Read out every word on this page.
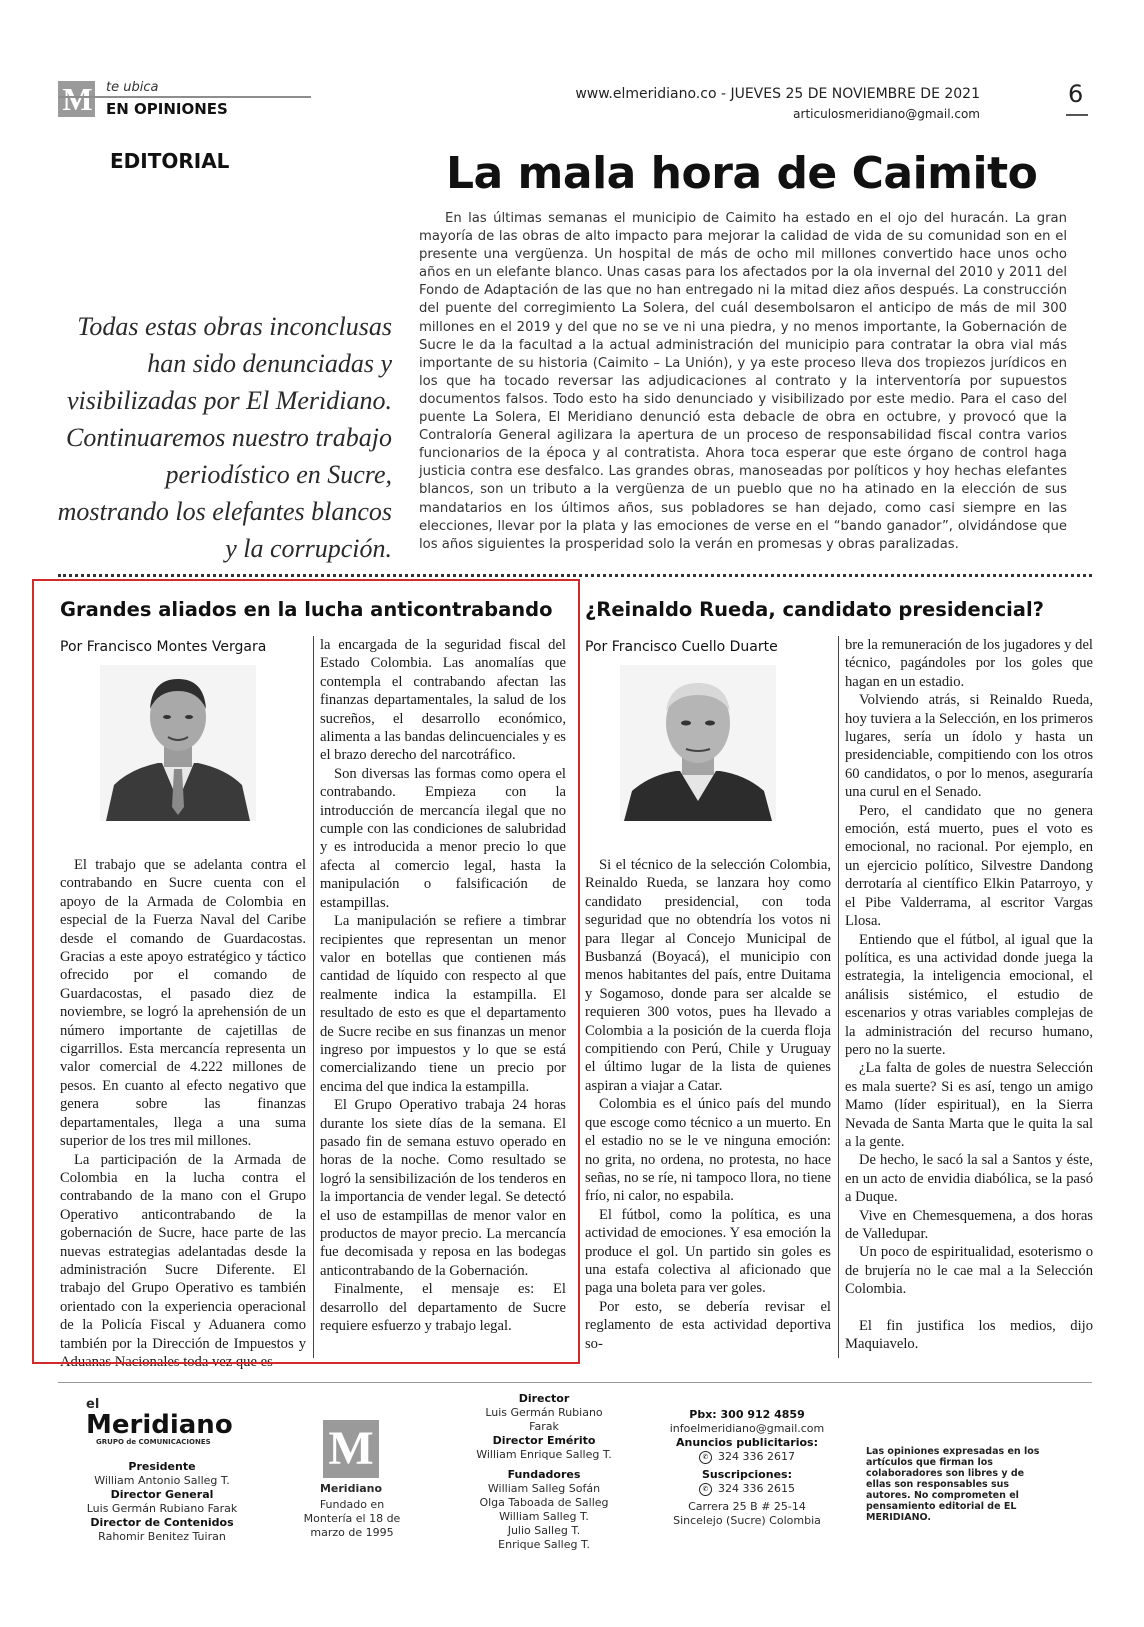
M	te ubica
EN OPINIONES
www.elmeridiano.co - JUEVES 25 DE NOVIEMBRE DE 2021
articulosmeridiano@gmail.com
6
EDITORIAL	La mala hora de Caimito

En las últimas semanas el municipio de Caimito ha estado en el ojo del huracán. La gran mayoría de las obras de alto impacto para mejorar la calidad de vida de su comunidad son en el presente una vergüenza. Un hospital de más de ocho mil millones convertido hace unos ocho años en un elefante blanco. Unas casas para los afectados por la ola invernal del 2010 y 2011 del Fondo de Adaptación de las que no han entregado ni la mitad diez años después. La construcción del puente del corregimiento La Solera, del cuál desembolsaron el anticipo de más de mil 300 millones en el 2019 y del que no se ve ni una piedra, y no menos importante, la Gobernación de Sucre le da la facultad a la actual administración del municipio para contratar la obra vial más importante de su historia (Caimito – La Unión), y ya este proceso lleva dos tropiezos jurídicos en los que ha tocado reversar las adjudicaciones al contrato y la interventoría por supuestos documentos falsos. Todo esto ha sido denunciado y visibilizado por este medio. Para el caso del puente La Solera, El Meridiano denunció esta debacle de obra en octubre, y provocó que la Contraloría General agilizara la apertura de un proceso de responsabilidad fiscal contra varios funcionarios de la época y al contratista. Ahora toca esperar que este órgano de control haga justicia contra ese desfalco. Las grandes obras, manoseadas por políticos y hoy hechas elefantes blancos, son un tributo a la vergüenza de un pueblo que no ha atinado en la elección de sus mandatarios en los últimos años, sus pobladores se han dejado, como casi siempre en las elecciones, llevar por la plata y las emociones de verse en el “bando ganador”, olvidándose que los años siguientes la prosperidad solo la verán en promesas y obras paralizadas.

Todas estas obras inconclusas han sido denunciadas y visibilizadas por El Meridiano. Continuaremos nuestro trabajo periodístico en Sucre, mostrando los elefantes blancos y la corrupción.

Grandes aliados en la lucha anticontrabando
Por Francisco Montes Vergara

El trabajo que se adelanta contra el contrabando en Sucre cuenta con el apoyo de la Armada de Colombia en especial de la Fuerza Naval del Caribe desde el comando de Guardacostas. Gracias a este apoyo estratégico y táctico ofrecido por el comando de Guardacostas, el pasado diez de noviembre, se logró la aprehensión de un número importante de cajetillas de cigarrillos. Esta mercancía representa un valor comercial de 4.222 millones de pesos. En cuanto al efecto negativo que genera sobre las finanzas departamentales, llega a una suma superior de los tres mil millones.

La participación de la Armada de Colombia en la lucha contra el contrabando de la mano con el Grupo Operativo anticontrabando de la gobernación de Sucre, hace parte de las nuevas estrategias adelantadas desde la administración Sucre Diferente. El trabajo del Grupo Operativo es también orientado con la experiencia operacional de la Policía Fiscal y Aduanera como también por la Dirección de Impuestos y Aduanas Nacionales toda vez que es

la encargada de la seguridad fiscal del Estado Colombia. Las anomalías que contempla el contrabando afectan las finanzas departamentales, la salud de los sucreños, el desarrollo económico, alimenta a las bandas delincuenciales y es el brazo derecho del narcotráfico.

Son diversas las formas como opera el contrabando. Empieza con la introducción de mercancía ilegal que no cumple con las condiciones de salubridad y es introducida a menor precio lo que afecta al comercio legal, hasta la manipulación o falsificación de estampillas.

La manipulación se refiere a timbrar recipientes que representan un menor valor en botellas que contienen más cantidad de líquido con respecto al que realmente indica la estampilla. El resultado de esto es que el departamento de Sucre recibe en sus finanzas un menor ingreso por impuestos y lo que se está comercializando tiene un precio por encima del que indica la estampilla.

El Grupo Operativo trabaja 24 horas durante los siete días de la semana. El pasado fin de semana estuvo operado en horas de la noche. Como resultado se logró la sensibilización de los tenderos en la importancia de vender legal. Se detectó el uso de estampillas de menor valor en productos de mayor precio. La mercancía fue decomisada y reposa en las bodegas anticontrabando de la Gobernación.

Finalmente, el mensaje es: El desarrollo del departamento de Sucre requiere esfuerzo y trabajo legal.

¿Reinaldo Rueda, candidato presidencial?
Por Francisco Cuello Duarte

Si el técnico de la selección Colombia, Reinaldo Rueda, se lanzara hoy como candidato presidencial, con toda seguridad que no obtendría los votos ni para llegar al Concejo Municipal de Busbanzá (Boyacá), el municipio con menos habitantes del país, entre Duitama y Sogamoso, donde para ser alcalde se requieren 300 votos, pues ha llevado a Colombia a la posición de la cuerda floja compitiendo con Perú, Chile y Uruguay el último lugar de la lista de quienes aspiran a viajar a Catar.

Colombia es el único país del mundo que escoge como técnico a un muerto. En el estadio no se le ve ninguna emoción: no grita, no ordena, no protesta, no hace señas, no se ríe, ni tampoco llora, no tiene frío, ni calor, no espabila.

El fútbol, como la política, es una actividad de emociones. Y esa emoción la produce el gol. Un partido sin goles es una estafa colectiva al aficionado que paga una boleta para ver goles.

Por esto, se debería revisar el reglamento de esta actividad deportiva so-

bre la remuneración de los jugadores y del técnico, pagándoles por los goles que hagan en un estadio.

Volviendo atrás, si Reinaldo Rueda, hoy tuviera a la Selección, en los primeros lugares, sería un ídolo y hasta un presidenciable, compitiendo con los otros 60 candidatos, o por lo menos, aseguraría una curul en el Senado.

Pero, el candidato que no genera emoción, está muerto, pues el voto es emocional, no racional. Por ejemplo, en un ejercicio político, Silvestre Dandong derrotaría al científico Elkin Patarroyo, y el Pibe Valderrama, al escritor Vargas Llosa.

Entiendo que el fútbol, al igual que la política, es una actividad donde juega la estrategia, la inteligencia emocional, el análisis sistémico, el estudio de escenarios y otras variables complejas de la administración del recurso humano, pero no la suerte.

¿La falta de goles de nuestra Selección es mala suerte? Si es así, tengo un amigo Mamo (líder espiritual), en la Sierra Nevada de Santa Marta que le quita la sal a la gente.

De hecho, le sacó la sal a Santos y éste, en un acto de envidia diabólica, se la pasó a Duque.

Vive en Chemesquemena, a dos horas de Valledupar.

Un poco de espiritualidad, esoterismo o de brujería no le cae mal a la Selección Colombia.

El fin justifica los medios, dijo Maquiavelo.

el
Meridiano
GRUPO de COMUNICACIONES
Presidente
William Antonio Salleg T.
Director General
Luis Germán Rubiano Farak
Director de Contenidos
Rahomir Benitez Tuiran
M
Meridiano
Fundado en Montería el 18 de marzo de 1995
Director
Luis Germán Rubiano Farak
Director Emérito
William Enrique Salleg T.
Fundadores
William Salleg Sofán
Olga Taboada de Salleg
William Salleg T.
Julio Salleg T.
Enrique Salleg T.
Pbx: 300 912 4859
infoelmeridiano@gmail.com
Anuncios publicitarios:
✆ 324 336 2617
Suscripciones:
✆ 324 336 2615
Carrera 25 B # 25-14
Sincelejo (Sucre) Colombia
Las opiniones expresadas en los artículos que firman los colaboradores son libres y de ellas son responsables sus autores. No comprometen el pensamiento editorial de EL MERIDIANO.
